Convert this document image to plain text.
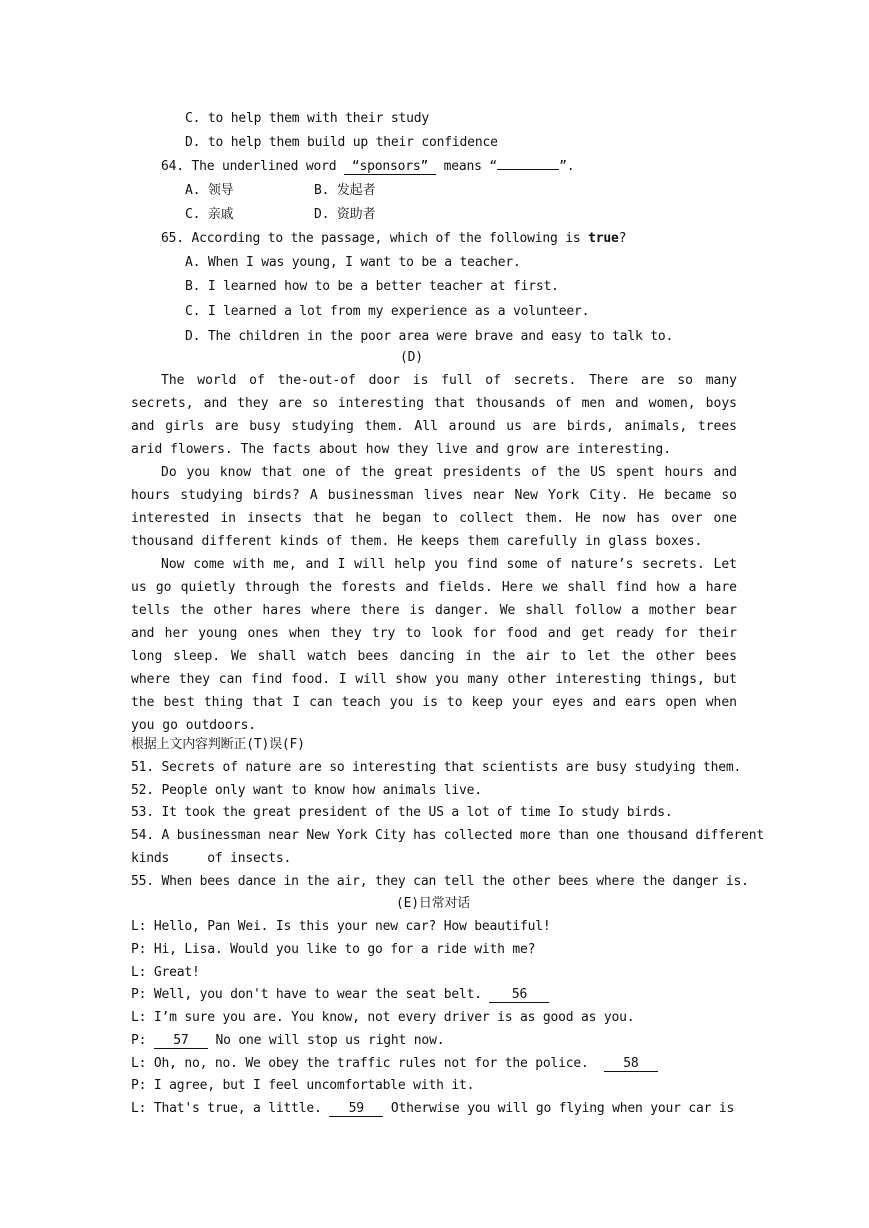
C. to help them with their study
D. to help them build up their confidence
64. The underlined word “sponsors” means “	”.
A. 领导	B. 发起者
C. 亲戚	D. 资助者
65. According to the passage, which of the following is true?
A. When I was young, I want to be a teacher.
B. I learned how to be a better teacher at first.
C. I learned a lot from my experience as a volunteer.
D. The children in the poor area were brave and easy to talk to.
(D)

The world of the-out-of door is full of secrets. There are so many secrets, and they are so interesting that thousands of men and women, boys and girls are busy studying them. All around us are birds, animals, trees arid flowers. The facts about how they live and grow are interesting.

Do you know that one of the great presidents of the US spent hours and hours studying birds? A businessman lives near New York City. He became so interested in insects that he began to collect them. He now has over one thousand different kinds of them. He keeps them carefully in glass boxes.

Now come with me, and I will help you find some of nature’s secrets. Let us go quietly through the forests and fields. Here we shall find how a hare tells the other hares where there is danger. We shall follow a mother bear and her young ones when they try to look for food and get ready for their long sleep. We shall watch bees dancing in the air to let the other bees where they can find food. I will show you many other interesting things, but the best thing that I can teach you is to keep your eyes and ears open when you go outdoors.

根据上文内容判断正(T)误(F)
51. Secrets of nature are so interesting that scientists are busy studying them.
52. People only want to know how animals live.
53. It took the great president of the US a lot of time Io study birds.
54. A businessman near New York City has collected more than one thousand different
kinds     of insects.
55. When bees dance in the air, they can tell the other bees where the danger is.
(E)日常对话
L: Hello, Pan Wei. Is this your new car? How beautiful!
P: Hi, Lisa. Would you like to go for a ride with me?
L: Great!
P: Well, you don't have to wear the seat belt. 56
L: I’m sure you are. You know, not every driver is as good as you.
P: 57 No one will stop us right now.
L: Oh, no, no. We obey the traffic rules not for the police.  58
P: I agree, but I feel uncomfortable with it.
L: That's true, a little. 59 Otherwise you will go flying when your car is
